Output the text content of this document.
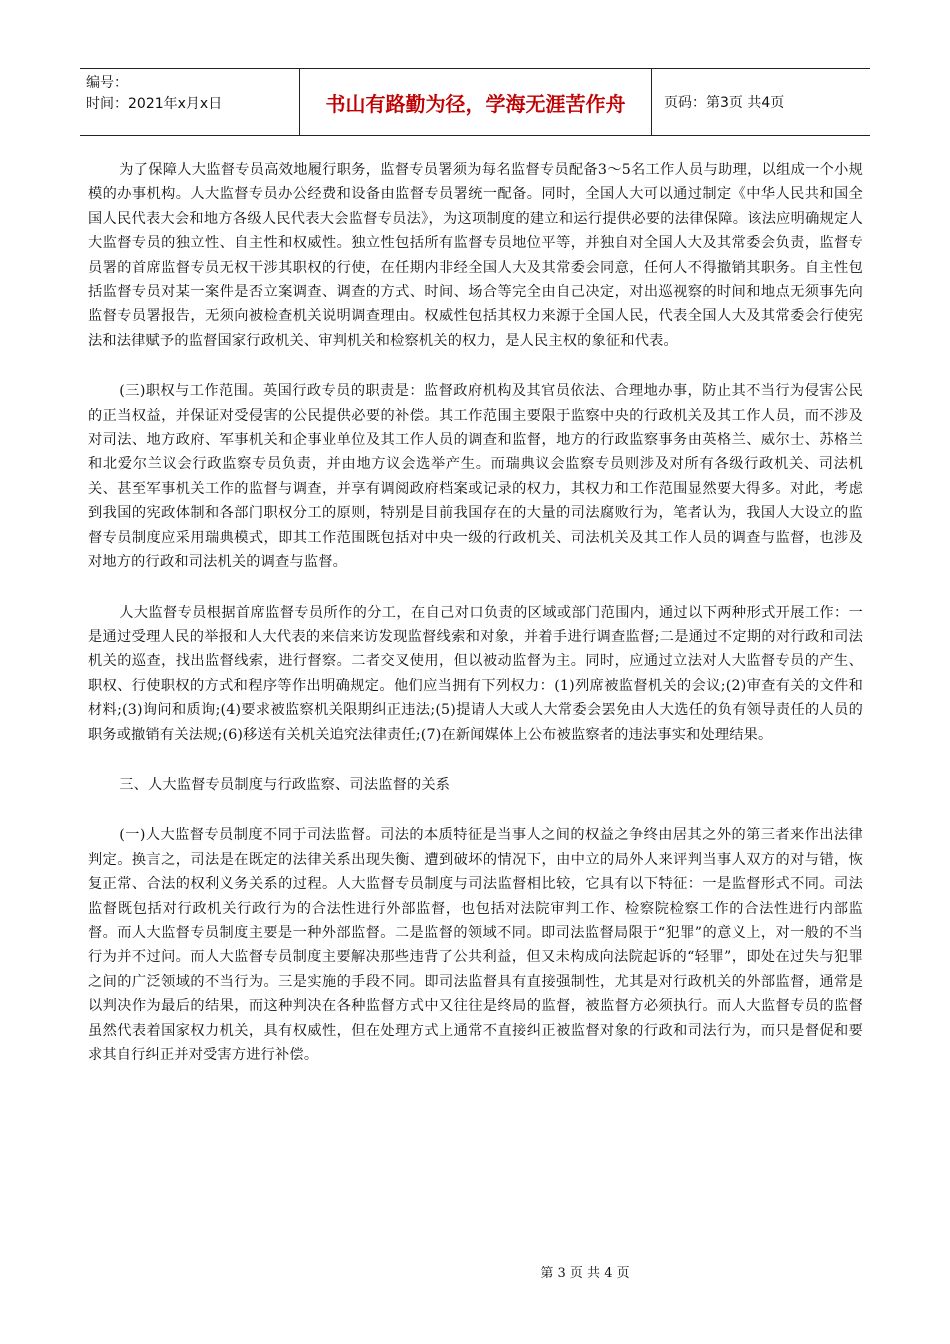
编号：
时间：2021年x月x日	书山有路勤为径，学海无涯苦作舟	页码：第3页 共4页

为了保障人大监督专员高效地履行职务，监督专员署须为每名监督专员配备3～5名工作人员与助理，以组成一个小规模的办事机构。人大监督专员办公经费和设备由监督专员署统一配备。同时，全国人大可以通过制定《中华人民共和国全国人民代表大会和地方各级人民代表大会监督专员法》，为这项制度的建立和运行提供必要的法律保障。该法应明确规定人大监督专员的独立性、自主性和权威性。独立性包括所有监督专员地位平等，并独自对全国人大及其常委会负责，监督专员署的首席监督专员无权干涉其职权的行使，在任期内非经全国人大及其常委会同意，任何人不得撤销其职务。自主性包括监督专员对某一案件是否立案调查、调查的方式、时间、场合等完全由自己决定，对出巡视察的时间和地点无须事先向监督专员署报告，无须向被检查机关说明调查理由。权威性包括其权力来源于全国人民，代表全国人大及其常委会行使宪法和法律赋予的监督国家行政机关、审判机关和检察机关的权力，是人民主权的象征和代表。

(三)职权与工作范围。英国行政专员的职责是：监督政府机构及其官员依法、合理地办事，防止其不当行为侵害公民的正当权益，并保证对受侵害的公民提供必要的补偿。其工作范围主要限于监察中央的行政机关及其工作人员，而不涉及对司法、地方政府、军事机关和企事业单位及其工作人员的调查和监督，地方的行政监察事务由英格兰、威尔士、苏格兰和北爱尔兰议会行政监察专员负责，并由地方议会选举产生。而瑞典议会监察专员则涉及对所有各级行政机关、司法机关、甚至军事机关工作的监督与调查，并享有调阅政府档案或记录的权力，其权力和工作范围显然要大得多。对此，考虑到我国的宪政体制和各部门职权分工的原则，特别是目前我国存在的大量的司法腐败行为，笔者认为，我国人大设立的监督专员制度应采用瑞典模式，即其工作范围既包括对中央一级的行政机关、司法机关及其工作人员的调查与监督，也涉及对地方的行政和司法机关的调查与监督。

人大监督专员根据首席监督专员所作的分工，在自己对口负责的区域或部门范围内，通过以下两种形式开展工作：一是通过受理人民的举报和人大代表的来信来访发现监督线索和对象，并着手进行调查监督;二是通过不定期的对行政和司法机关的巡查，找出监督线索，进行督察。二者交叉使用，但以被动监督为主。同时，应通过立法对人大监督专员的产生、职权、行使职权的方式和程序等作出明确规定。他们应当拥有下列权力：(1)列席被监督机关的会议;(2)审查有关的文件和材料;(3)询问和质询;(4)要求被监察机关限期纠正违法;(5)提请人大或人大常委会罢免由人大选任的负有领导责任的人员的职务或撤销有关法规;(6)移送有关机关追究法律责任;(7)在新闻媒体上公布被监察者的违法事实和处理结果。

三、人大监督专员制度与行政监察、司法监督的关系

(一)人大监督专员制度不同于司法监督。司法的本质特征是当事人之间的权益之争终由居其之外的第三者来作出法律判定。换言之，司法是在既定的法律关系出现失衡、遭到破坏的情况下，由中立的局外人来评判当事人双方的对与错，恢复正常、合法的权利义务关系的过程。人大监督专员制度与司法监督相比较，它具有以下特征：一是监督形式不同。司法监督既包括对行政机关行政行为的合法性进行外部监督，也包括对法院审判工作、检察院检察工作的合法性进行内部监督。而人大监督专员制度主要是一种外部监督。二是监督的领域不同。即司法监督局限于“犯罪”的意义上，对一般的不当行为并不过问。而人大监督专员制度主要解决那些违背了公共利益，但又未构成向法院起诉的“轻罪”，即处在过失与犯罪之间的广泛领域的不当行为。三是实施的手段不同。即司法监督具有直接强制性，尤其是对行政机关的外部监督，通常是以判决作为最后的结果，而这种判决在各种监督方式中又往往是终局的监督，被监督方必须执行。而人大监督专员的监督虽然代表着国家权力机关，具有权威性，但在处理方式上通常不直接纠正被监督对象的行政和司法行为，而只是督促和要求其自行纠正并对受害方进行补偿。

第 3 页 共 4 页
